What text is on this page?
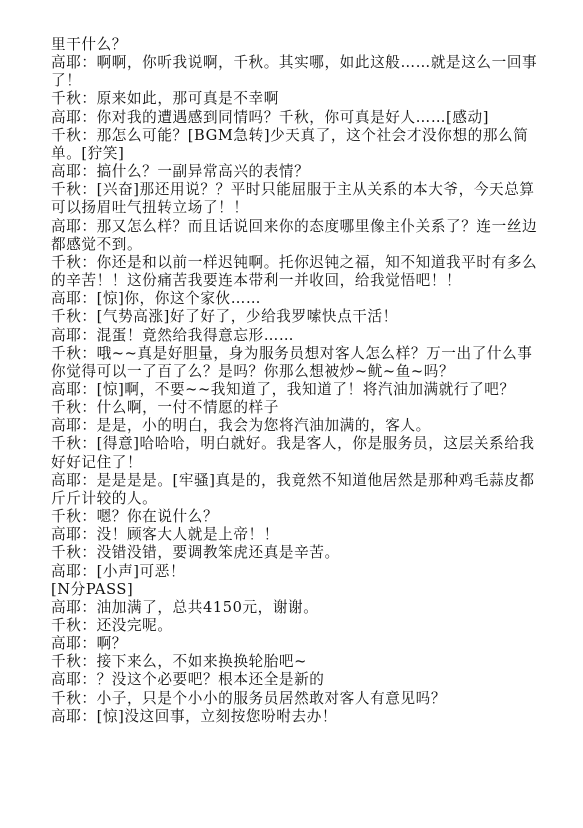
里干什么？

高耶：啊啊，你听我说啊，千秋。其实哪，如此这般……就是这么一回事了！

千秋：原来如此，那可真是不幸啊

高耶：你对我的遭遇感到同情吗？千秋，你可真是好人……[感动]

千秋：那怎么可能？[BGM急转]少天真了，这个社会才没你想的那么简单。[狞笑]

高耶：搞什么？一副异常高兴的表情？

千秋：[兴奋]那还用说？？平时只能屈服于主从关系的本大爷，今天总算可以扬眉吐气扭转立场了！！

高耶：那又怎么样？而且话说回来你的态度哪里像主仆关系了？连一丝边都感觉不到。

千秋：你还是和以前一样迟钝啊。托你迟钝之福，知不知道我平时有多么的辛苦！！这份痛苦我要连本带利一并收回，给我觉悟吧！！

高耶：[惊]你，你这个家伙……

千秋：[气势高涨]好了好了，少给我罗嗦快点干活！

高耶：混蛋！竟然给我得意忘形……

千秋：哦~~真是好胆量，身为服务员想对客人怎么样？万一出了什么事你觉得可以一了百了么？是吗？你那么想被炒~鱿~鱼~吗？

高耶：[惊]啊，不要~~我知道了，我知道了！将汽油加满就行了吧？

千秋：什么啊，一付不情愿的样子

高耶：是是，小的明白，我会为您将汽油加满的，客人。

千秋：[得意]哈哈哈，明白就好。我是客人，你是服务员，这层关系给我好好记住了！

高耶：是是是是。[牢骚]真是的，我竟然不知道他居然是那种鸡毛蒜皮都斤斤计较的人。

千秋：嗯？你在说什么？

高耶：没！顾客大人就是上帝！！

千秋：没错没错，要调教笨虎还真是辛苦。

高耶：[小声]可恶！

[N分PASS]

高耶：油加满了，总共4150元，谢谢。

千秋：还没完呢。

高耶：啊？

千秋：接下来么，不如来换换轮胎吧~

高耶：？没这个必要吧？根本还全是新的

千秋：小子，只是个小小的服务员居然敢对客人有意见吗？

高耶：[惊]没这回事，立刻按您吩咐去办！
